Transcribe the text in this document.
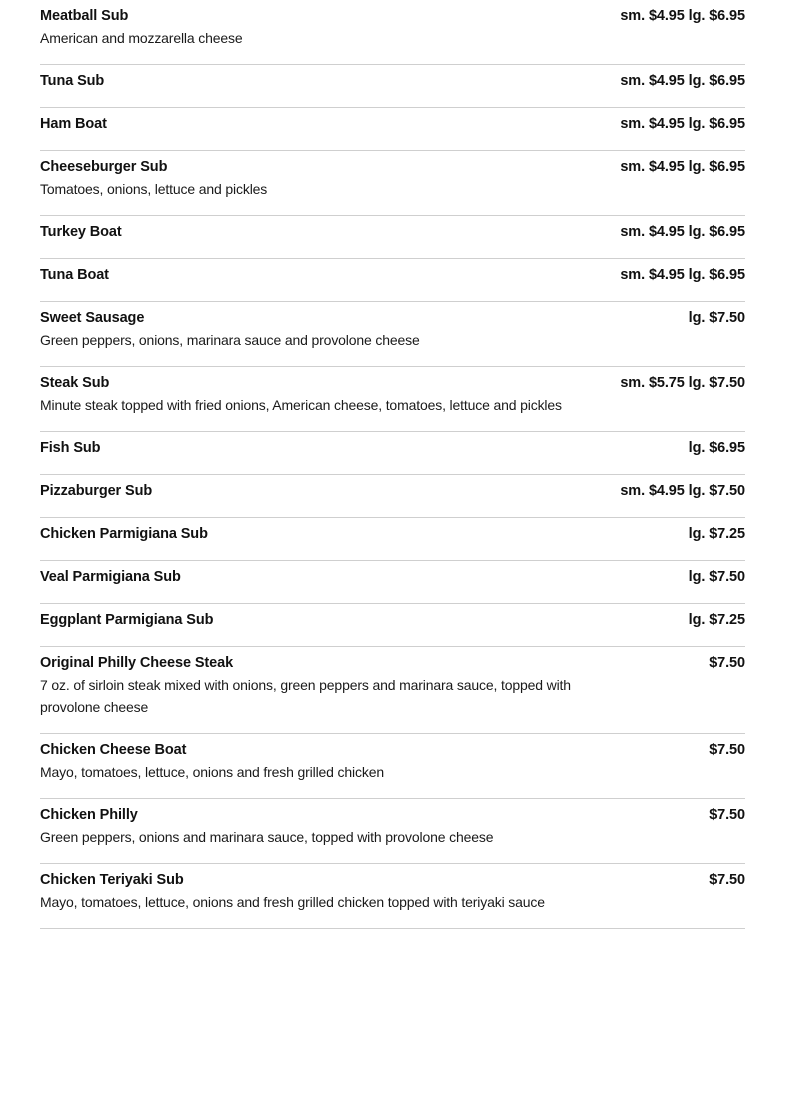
Meatball Sub	sm. $4.95 lg. $6.95
American and mozzarella cheese
Tuna Sub	sm. $4.95 lg. $6.95
Ham Boat	sm. $4.95 lg. $6.95
Cheeseburger Sub	sm. $4.95 lg. $6.95
Tomatoes, onions, lettuce and pickles
Turkey Boat	sm. $4.95 lg. $6.95
Tuna Boat	sm. $4.95 lg. $6.95
Sweet Sausage	lg. $7.50
Green peppers, onions, marinara sauce and provolone cheese
Steak Sub	sm. $5.75 lg. $7.50
Minute steak topped with fried onions, American cheese, tomatoes, lettuce and pickles
Fish Sub	lg. $6.95
Pizzaburger Sub	sm. $4.95 lg. $7.50
Chicken Parmigiana Sub	lg. $7.25
Veal Parmigiana Sub	lg. $7.50
Eggplant Parmigiana Sub	lg. $7.25
Original Philly Cheese Steak	$7.50
7 oz. of sirloin steak mixed with onions, green peppers and marinara sauce, topped with provolone cheese
Chicken Cheese Boat	$7.50
Mayo, tomatoes, lettuce, onions and fresh grilled chicken
Chicken Philly	$7.50
Green peppers, onions and marinara sauce, topped with provolone cheese
Chicken Teriyaki Sub	$7.50
Mayo, tomatoes, lettuce, onions and fresh grilled chicken topped with teriyaki sauce
